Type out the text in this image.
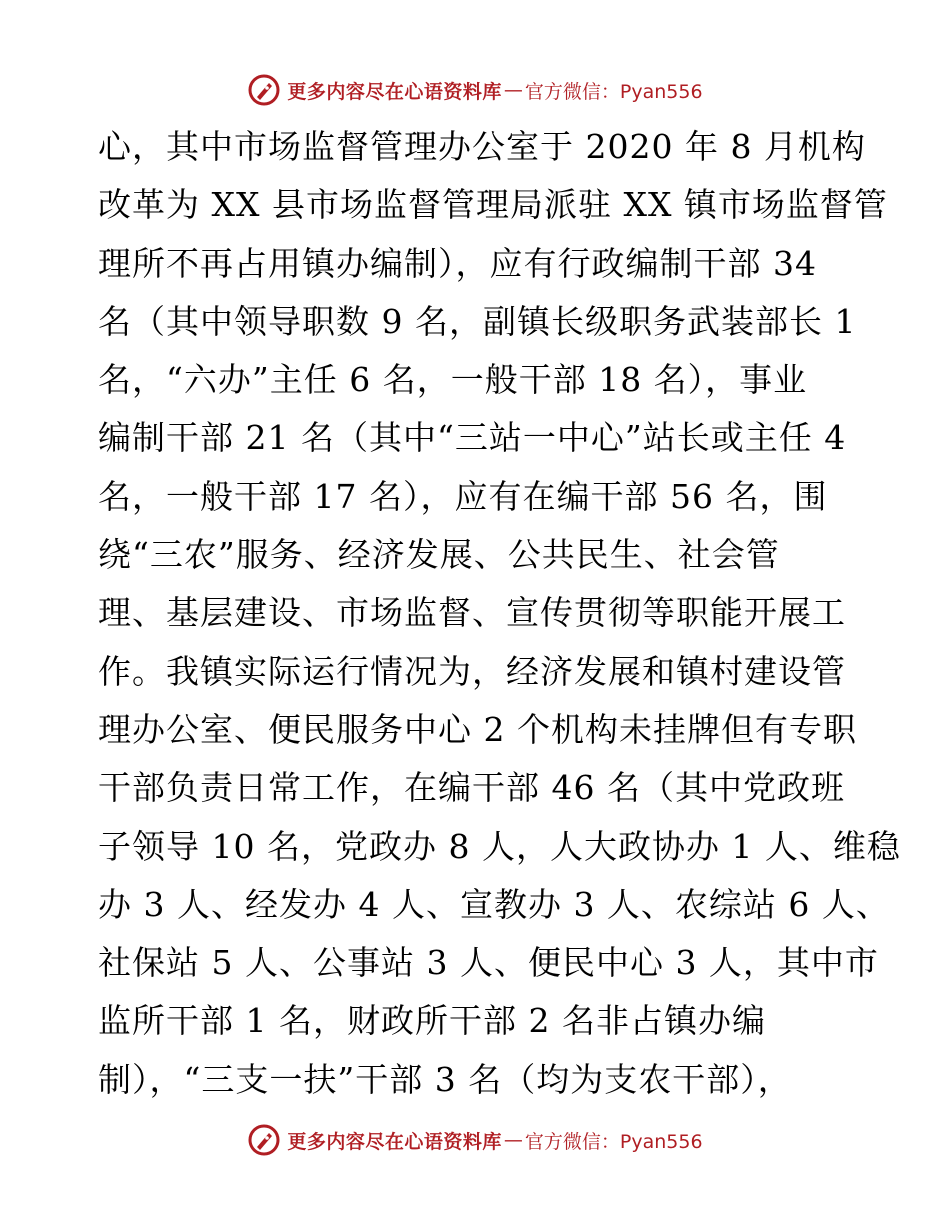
更多内容尽在心语资料库 — 官方微信：Pyan556
心，其中市场监督管理办公室于 2020 年 8 月机构
改革为 XX 县市场监督管理局派驻 XX 镇市场监督管
理所不再占用镇办编制），应有行政编制干部 34
名（其中领导职数 9 名，副镇长级职务武装部长 1
名，“六办”主任 6 名，一般干部 18 名），事业
编制干部 21 名（其中“三站一中心”站长或主任 4
名，一般干部 17 名），应有在编干部 56 名，围
绕“三农”服务、经济发展、公共民生、社会管
理、基层建设、市场监督、宣传贯彻等职能开展工
作。我镇实际运行情况为，经济发展和镇村建设管
理办公室、便民服务中心 2 个机构未挂牌但有专职
干部负责日常工作，在编干部 46 名（其中党政班
子领导 10 名，党政办 8 人，人大政协办 1 人、维稳
办 3 人、经发办 4 人、宣教办 3 人、农综站 6 人、
社保站 5 人、公事站 3 人、便民中心 3 人，其中市
监所干部 1 名，财政所干部 2 名非占镇办编
制），“三支一扶”干部 3 名（均为支农干部），
更多内容尽在心语资料库 — 官方微信：Pyan556
